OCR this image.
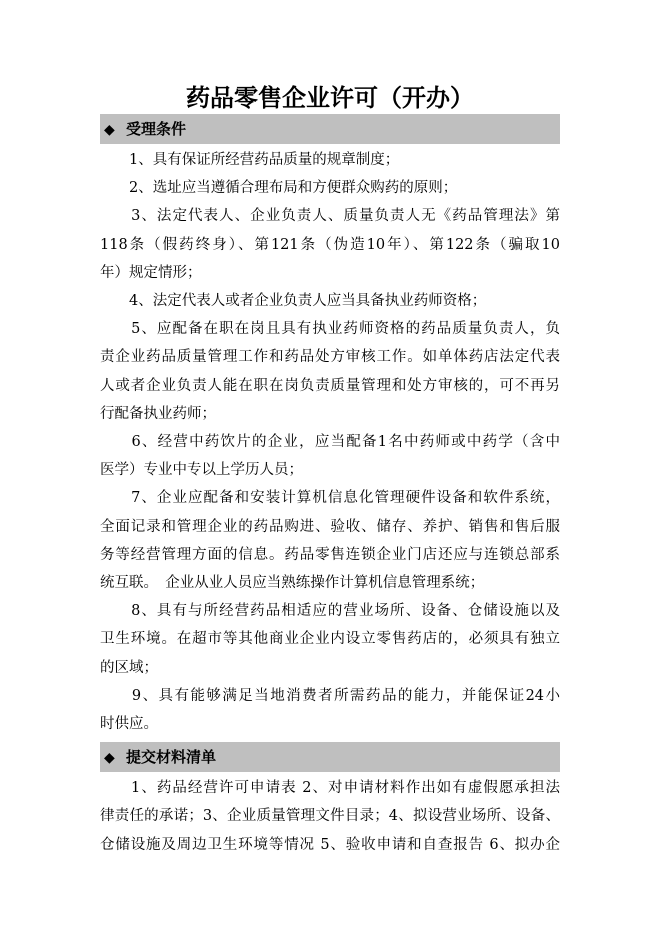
药品零售企业许可（开办）
◆ 受理条件
　　1、具有保证所经营药品质量的规章制度；
　　2、选址应当遵循合理布局和方便群众购药的原则；
　　3、法定代表人、企业负责人、质量负责人无《药品管理法》第
118条（假药终身）、第121条（伪造10年）、第122条（骗取10
年）规定情形；
　　4、法定代表人或者企业负责人应当具备执业药师资格；
　　5、应配备在职在岗且具有执业药师资格的药品质量负责人，负
责企业药品质量管理工作和药品处方审核工作。如单体药店法定代表
人或者企业负责人能在职在岗负责质量管理和处方审核的，可不再另
行配备执业药师；
　　6、经营中药饮片的企业，应当配备1名中药师或中药学（含中
医学）专业中专以上学历人员；
　　7、企业应配备和安装计算机信息化管理硬件设备和软件系统，
全面记录和管理企业的药品购进、验收、储存、养护、销售和售后服
务等经营管理方面的信息。药品零售连锁企业门店还应与连锁总部系
统互联。　企业从业人员应当熟练操作计算机信息管理系统；
　　8、具有与所经营药品相适应的营业场所、设备、仓储设施以及
卫生环境。在超市等其他商业企业内设立零售药店的，必须具有独立
的区域；
　　9、具有能够满足当地消费者所需药品的能力，并能保证24小
时供应。
◆ 提交材料清单
　　1、药品经营许可申请表 2、对申请材料作出如有虚假愿承担法
律责任的承诺；3、企业质量管理文件目录；4、拟设营业场所、设备、
仓储设施及周边卫生环境等情况 5、验收申请和自查报告 6、拟办企
